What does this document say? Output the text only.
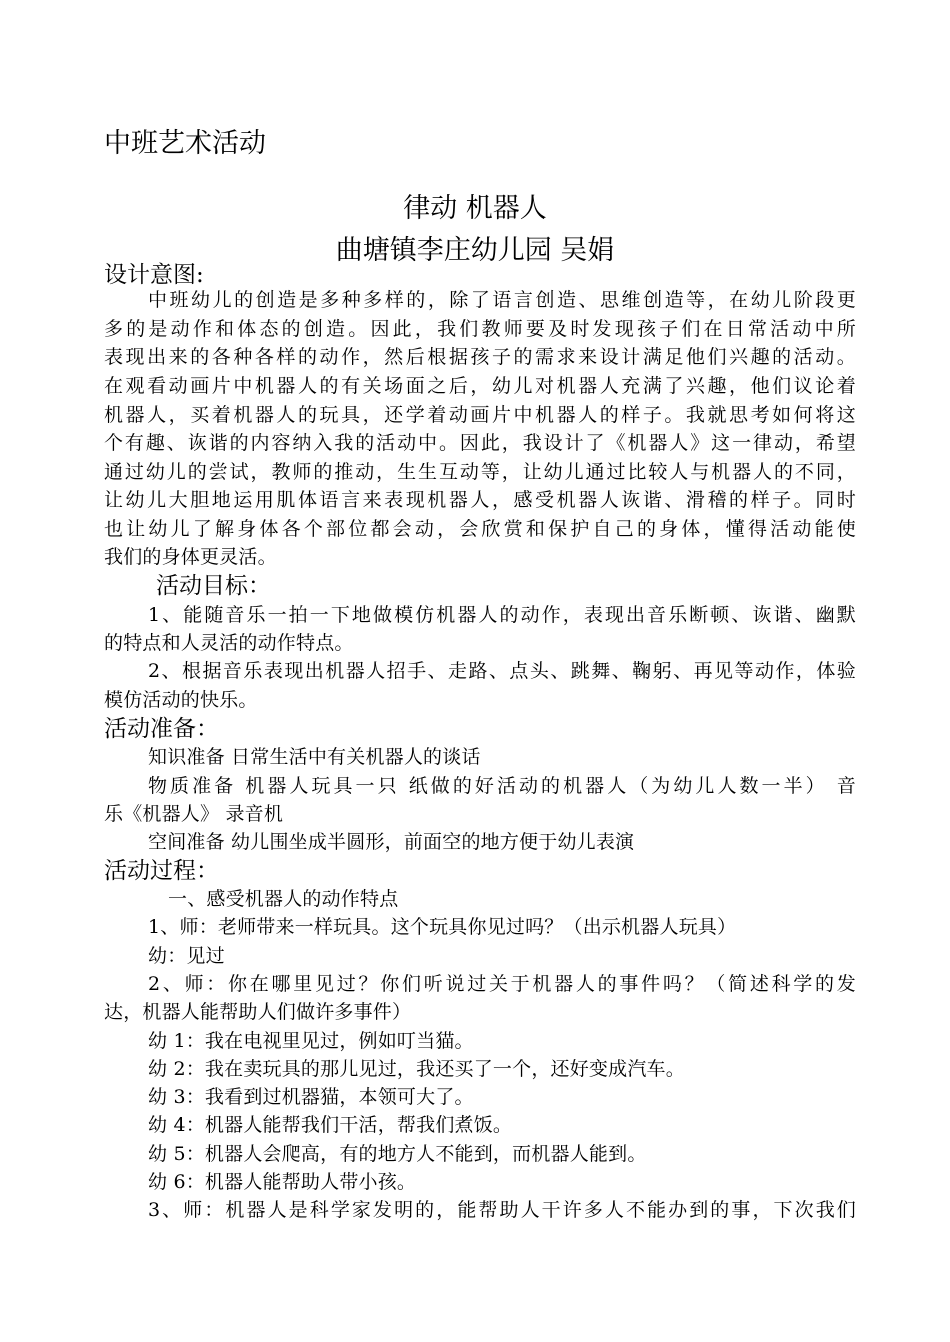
中班艺术活动
律动 机器人
曲塘镇李庄幼儿园 吴娟
设计意图:
中班幼儿的创造是多种多样的，除了语言创造、思维创造等，在幼儿阶段更
多的是动作和体态的创造。因此，我们教师要及时发现孩子们在日常活动中所
表现出来的各种各样的动作，然后根据孩子的需求来设计满足他们兴趣的活动。
在观看动画片中机器人的有关场面之后，幼儿对机器人充满了兴趣，他们议论着
机器人，买着机器人的玩具，还学着动画片中机器人的样子。我就思考如何将这
个有趣、诙谐的内容纳入我的活动中。因此，我设计了《机器人》这一律动，希望
通过幼儿的尝试，教师的推动，生生互动等，让幼儿通过比较人与机器人的不同，
让幼儿大胆地运用肌体语言来表现机器人，感受机器人诙谐、滑稽的样子。同时
也让幼儿了解身体各个部位都会动，会欣赏和保护自己的身体，懂得活动能使
我们的身体更灵活。
活动目标：
1、能随音乐一拍一下地做模仿机器人的动作，表现出音乐断顿、诙谐、幽默
的特点和人灵活的动作特点。
2、根据音乐表现出机器人招手、走路、点头、跳舞、鞠躬、再见等动作，体验
模仿活动的快乐。
活动准备：
知识准备 日常生活中有关机器人的谈话
物质准备 机器人玩具一只 纸做的好活动的机器人（为幼儿人数一半） 音
乐《机器人》 录音机
空间准备 幼儿围坐成半圆形，前面空的地方便于幼儿表演
活动过程：
一、感受机器人的动作特点
1、师：老师带来一样玩具。这个玩具你见过吗？（出示机器人玩具）
幼：见过
2、师：你在哪里见过？你们听说过关于机器人的事件吗？（简述科学的发
达，机器人能帮助人们做许多事件）
幼 1：我在电视里见过，例如叮当猫。
幼 2：我在卖玩具的那儿见过，我还买了一个，还好变成汽车。
幼 3：我看到过机器猫，本领可大了。
幼 4：机器人能帮我们干活，帮我们煮饭。
幼 5：机器人会爬高，有的地方人不能到，而机器人能到。
幼 6：机器人能帮助人带小孩。
3、师：机器人是科学家发明的，能帮助人干许多人不能办到的事，下次我们
